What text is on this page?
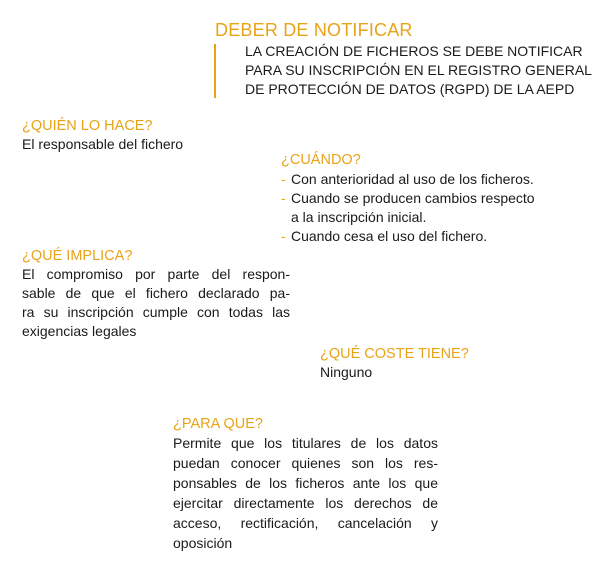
DEBER DE NOTIFICAR
LA CREACIÓN DE FICHEROS SE DEBE NOTIFICAR
PARA SU INSCRIPCIÓN EN EL REGISTRO GENERAL
DE PROTECCIÓN DE DATOS (RGPD) DE LA AEPD
¿QUIÉN LO HACE?
El responsable del fichero
¿CUÁNDO?
- Con anterioridad al uso de los ficheros.
- Cuando se producen cambios respecto
a la inscripción inicial.
- Cuando cesa el uso del fichero.
¿QUÉ IMPLICA?
El compromiso por parte del respon-
sable de que el fichero declarado pa-
ra su inscripción cumple con todas las
exigencias legales
¿QUÉ COSTE TIENE?
Ninguno
¿PARA QUE?
Permite que los titulares de los datos
puedan conocer quienes son los res-
ponsables de los ficheros ante los que
ejercitar directamente los derechos de
acceso, rectificación, cancelación y
oposición
